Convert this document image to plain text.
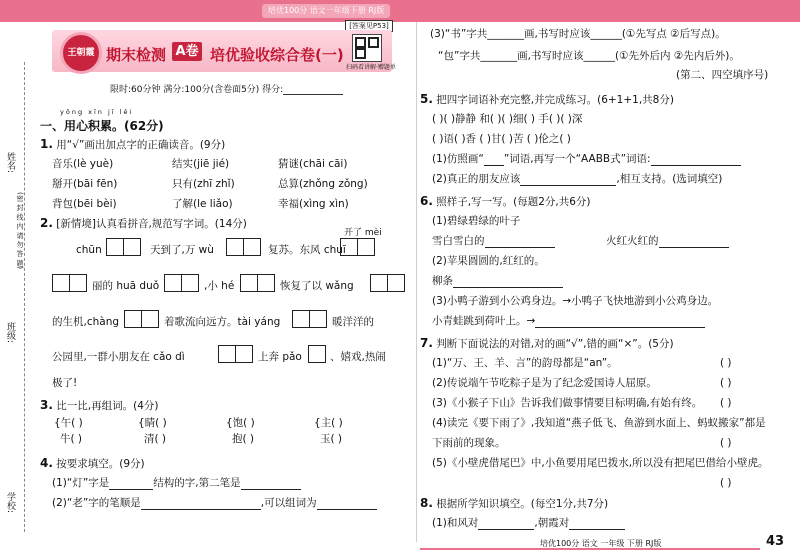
培优100分 语文一年级下册 RJ版
[答案见P53]
王朝霞 期末检测 A卷 培优验收综合卷(一)
扫码看讲解·赠题单
限时:60分钟 满分:100分(含卷面5分) 得分:
姓名:
班级:
学校:
(密 封 线 内 请 勿 答 题)
yōng xīn jī lěi
一、用心积累。(62分)
1. 用“√”画出加点字的正确读音。(9分)
音乐(lè yuè)	结实(jiē jié)	猜谜(chāi cāi)
掰开(bāi fēn)	只有(zhī zhǐ)	总算(zhǒng zǒng)
背包(bēi bèi)	了解(le liǎo)	幸福(xìng xìn)
2. [新情境]认真看拼音,规范写字词。(14分)
chūn	天到了,万 wù	复苏。东风 chuī
开了 mèi
丽的 huā duǒ	,小 hé	恢复了以 wǎng
的生机,chàng	着歌流向远方。tài yáng	暖洋洋的
公园里,一群小朋友在 cǎo dì	上奔 pǎo	、嬉戏,热闹
极了!
3. 比一比,再组词。(4分)
{午( )
牛( )
{睛( )
清( )
{饱( )
抱( )
{主( )
玉( )
4. 按要求填空。(9分)
(1)“灯”字是	结构的字,第二笔是
(2)“老”字的笔顺是	,可以组词为
(3)“书”字共_______画,书写时应该______(①先写点 ②后写点)。
“包”字共_______画,书写时应该______(①先外后内 ②先内后外)。
(第二、四空填序号)
5. 把四字词语补充完整,并完成练习。(6+1+1,共8分)
( )( )静静 和( )( )细( ) 手( )( )深
( )语( )香 ( )甘( )苦 ( )伦之( )
(1)仿照画“ ”词语,再写一个“AABB式”词语:
(2)真正的朋友应该	,相互支持。(选词填空)
6. 照样子,写一写。(每题2分,共6分)
(1)碧绿碧绿的叶子
雪白雪白的	火红火红的
(2)苹果圆圆的,红红的。
柳条
(3)小鸭子游到小公鸡身边。→小鸭子飞快地游到小公鸡身边。
小青蛙跳到荷叶上。→
7. 判断下面说法的对错,对的画“√”,错的画“×”。(5分)
(1)“万、王、羊、言”的韵母都是“an”。
(2)传说端午节吃粽子是为了纪念爱国诗人屈原。
(3)《小猴子下山》告诉我们做事情要目标明确,有始有终。
(4)读完《要下雨了》,我知道“燕子低飞、鱼游到水面上、蚂蚁搬家”都是
下雨前的现象。
(5)《小壁虎借尾巴》中,小鱼要用尾巴拨水,所以没有把尾巴借给小壁虎。
( )
( )
( )
( )
( )
8. 根据所学知识填空。(每空1分,共7分)
(1)和风对	,朝霞对
培优100分 语文 一年级 下册 RJ版	43
